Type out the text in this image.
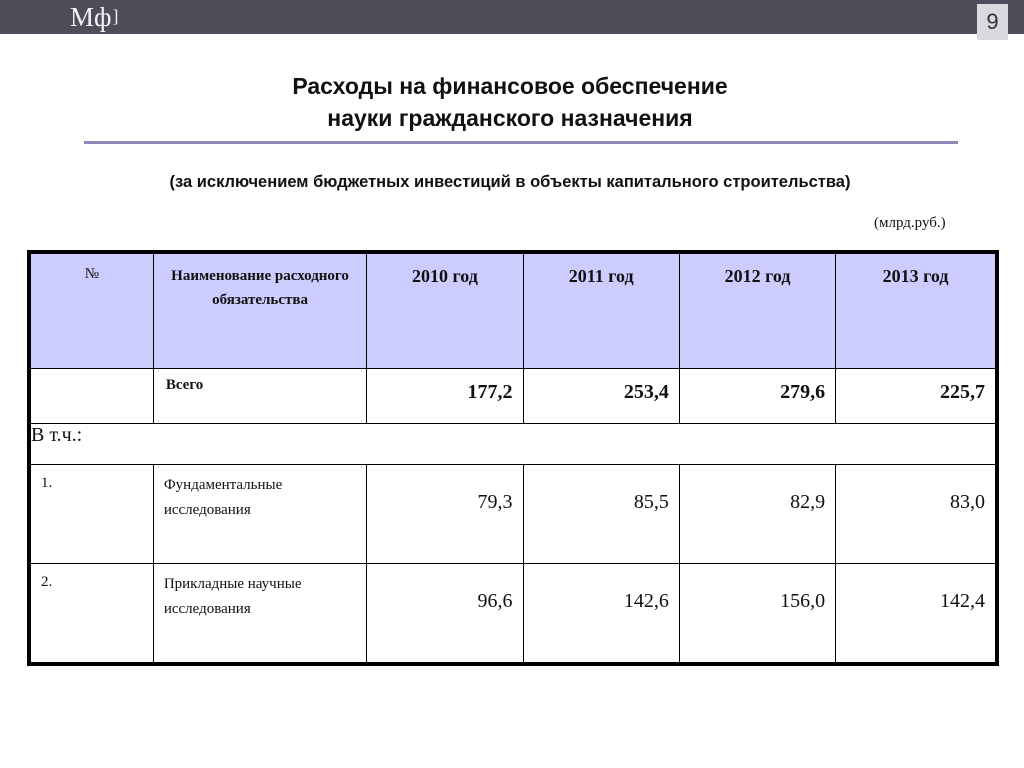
Мф]	9
Расходы на финансовое обеспечение
науки гражданского назначения
(за исключением бюджетных инвестиций в объекты капитального строительства)
(млрд.руб.)
№	Наименование расходного обязательства	2010 год	2011 год	2012 год	2013 год
	Всего	177,2	253,4	279,6	225,7
В т.ч.:					
1.	Фундаментальные исследования	79,3	85,5	82,9	83,0
2.	Прикладные научные исследования	96,6	142,6	156,0	142,4
